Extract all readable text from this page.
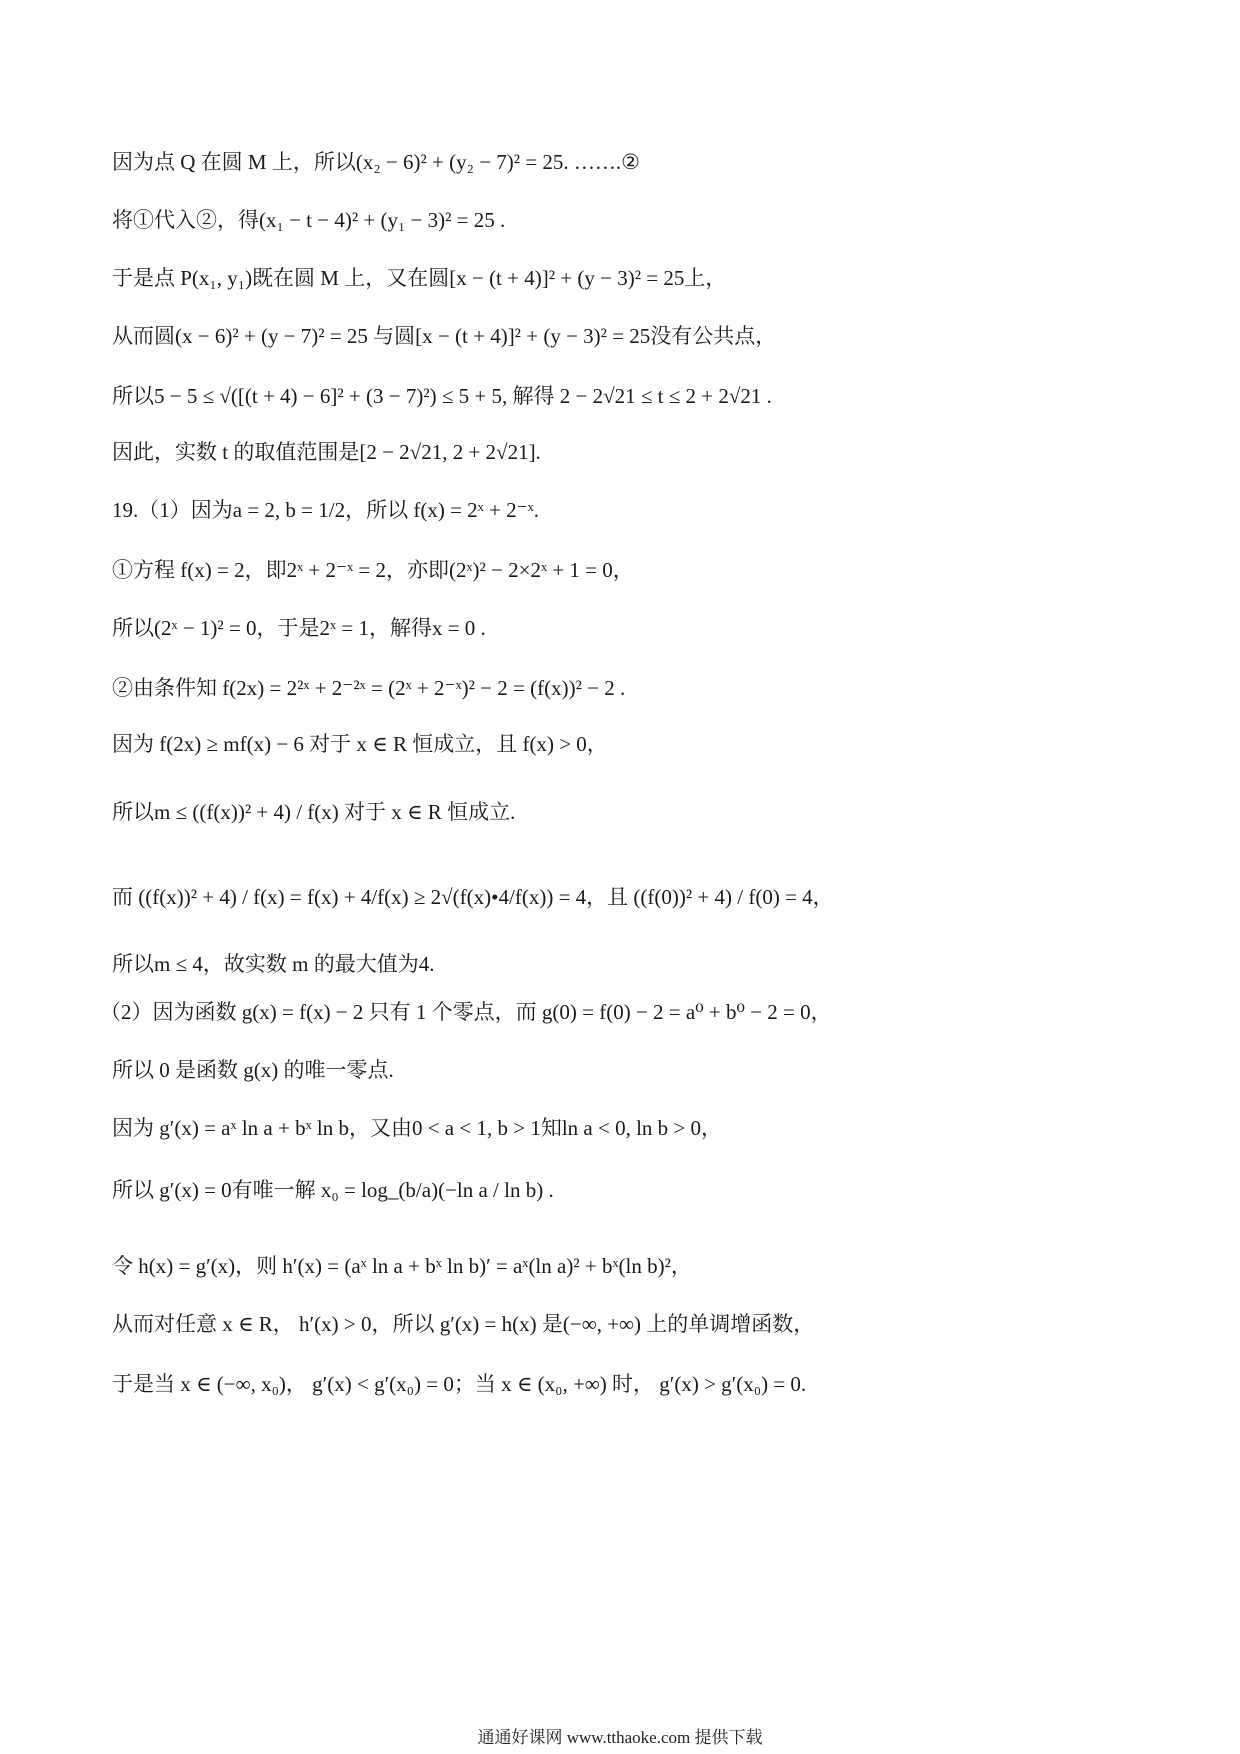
因为点 Q 在圆 M 上，所以(x₂ − 6)² + (y₂ − 7)² = 25. …….②
将①代入②，得(x₁ − t − 4)² + (y₁ − 3)² = 25 .
于是点 P(x₁, y₁)既在圆 M 上，又在圆[x − (t + 4)]² + (y − 3)² = 25上，
从而圆(x − 6)² + (y − 7)² = 25 与圆[x − (t + 4)]² + (y − 3)² = 25没有公共点，
所以5 − 5 ≤ √([(t + 4) − 6]² + (3 − 7)²) ≤ 5 + 5, 解得 2 − 2√21 ≤ t ≤ 2 + 2√21 .
因此，实数 t 的取值范围是[2 − 2√21, 2 + 2√21].
19.（1）因为a = 2, b = 1/2，所以 f(x) = 2ˣ + 2⁻ˣ.
①方程 f(x) = 2，即2ˣ + 2⁻ˣ = 2，亦即(2ˣ)² − 2×2ˣ + 1 = 0，
所以(2ˣ − 1)² = 0，于是2ˣ = 1，解得x = 0 .
②由条件知 f(2x) = 2²ˣ + 2⁻²ˣ = (2ˣ + 2⁻ˣ)² − 2 = (f(x))² − 2 .
因为 f(2x) ≥ mf(x) − 6 对于 x ∈ R 恒成立，且 f(x) > 0，
所以m ≤ ((f(x))² + 4) / f(x) 对于 x ∈ R 恒成立.
而 ((f(x))² + 4) / f(x) = f(x) + 4/f(x) ≥ 2√(f(x)•4/f(x)) = 4，且 ((f(0))² + 4) / f(0) = 4，
所以m ≤ 4，故实数 m 的最大值为4.
（2）因为函数 g(x) = f(x) − 2 只有 1 个零点，而 g(0) = f(0) − 2 = a⁰ + b⁰ − 2 = 0，
所以 0 是函数 g(x) 的唯一零点.
因为 g′(x) = aˣ ln a + bˣ ln b，又由0 < a < 1, b > 1知ln a < 0, ln b > 0，
所以 g′(x) = 0有唯一解 x₀ = log_(b/a)(−ln a / ln b) .
令 h(x) = g′(x)，则 h′(x) = (aˣ ln a + bˣ ln b)′ = aˣ(ln a)² + bˣ(ln b)²，
从而对任意 x ∈ R， h′(x) > 0，所以 g′(x) = h(x) 是(−∞, +∞) 上的单调增函数，
于是当 x ∈ (−∞, x₀)， g′(x) < g′(x₀) = 0；当 x ∈ (x₀, +∞) 时， g′(x) > g′(x₀) = 0.
通通好课网 www.tthaoke.com 提供下载
